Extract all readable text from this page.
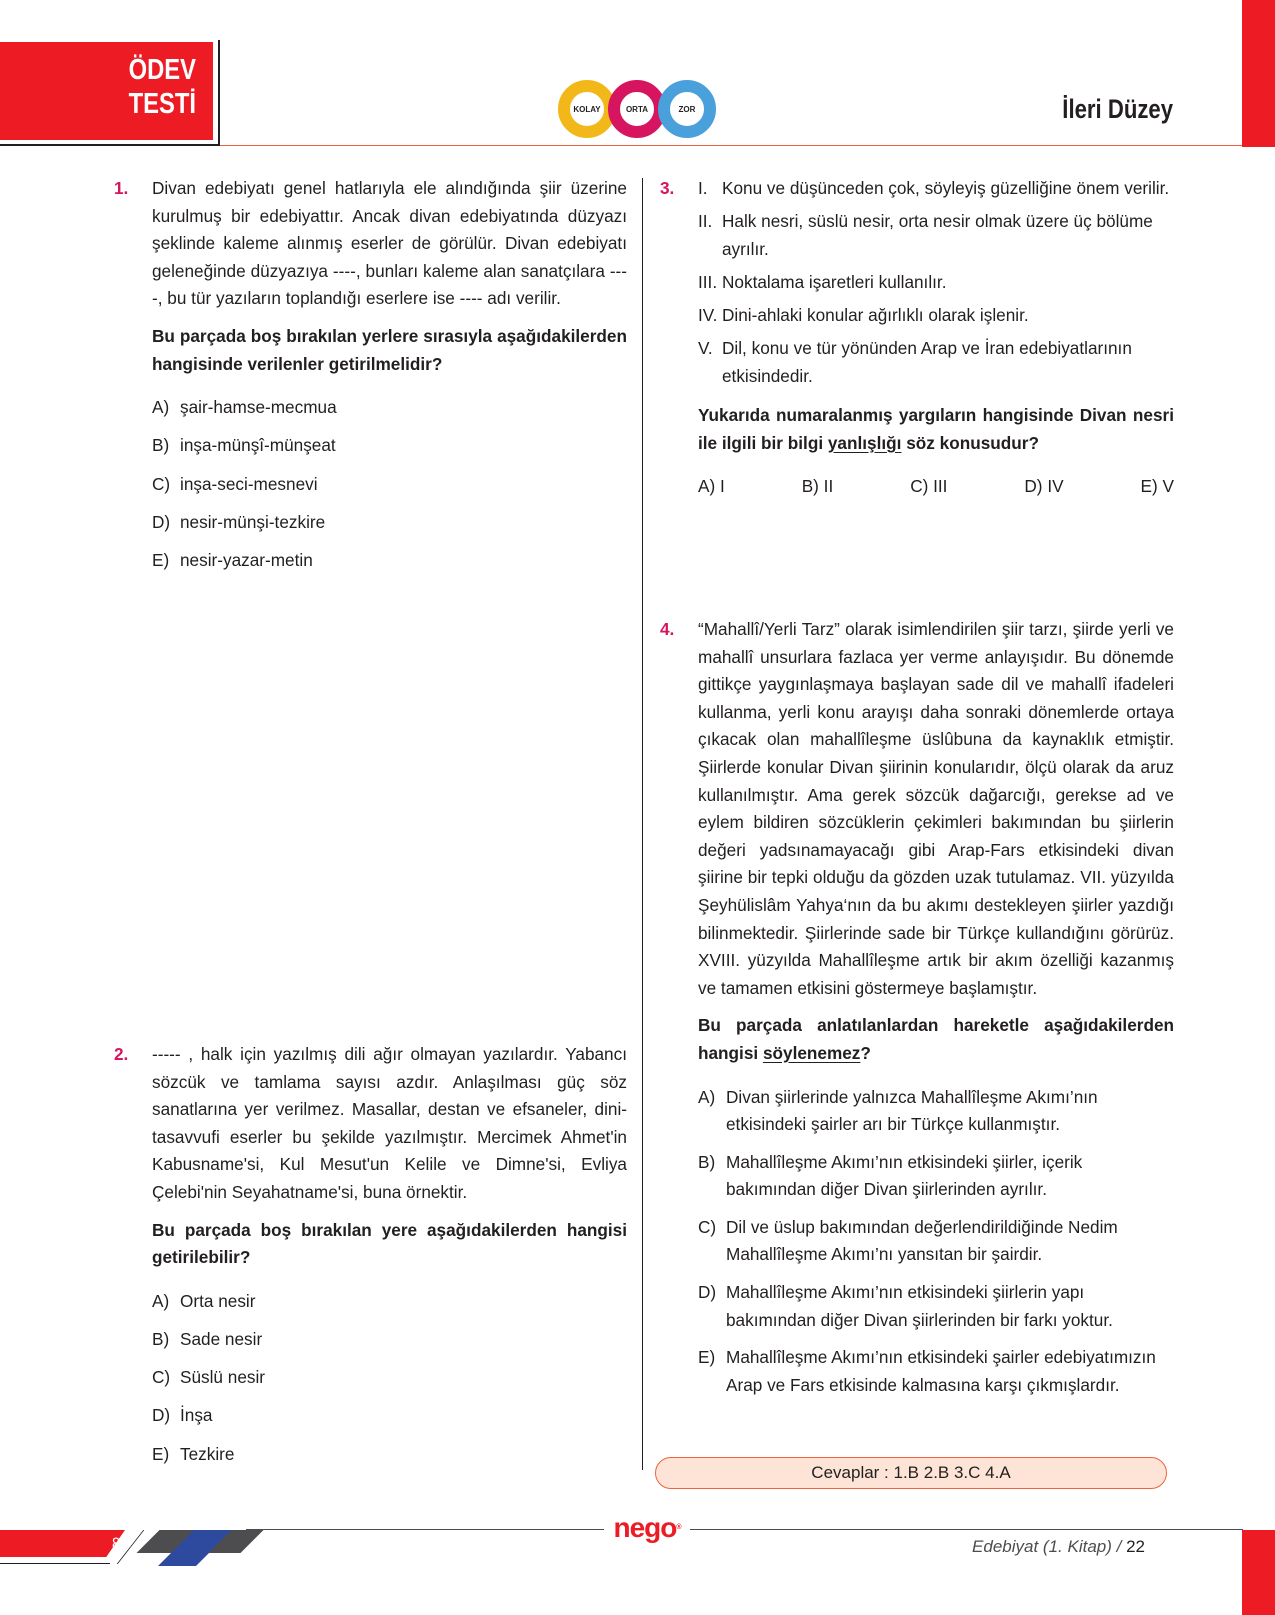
ÖDEV
TESTİ	KOLAY	ORTA	ZOR	İleri Düzey
1. Divan edebiyatı genel hatlarıyla ele alındığında şiir üzerine kurulmuş bir edebiyattır. Ancak divan edebiyatında düzyazı şeklinde kaleme alınmış eserler de görülür. Divan edebiyatı geleneğinde düzyazıya ----, bunları kaleme alan sanatçılara ----, bu tür yazıların toplandığı eserlere ise ---- adı verilir.

Bu parçada boş bırakılan yerlere sırasıyla aşağıdakilerden hangisinde verilenler getirilmelidir?

A) şair-hamse-mecmua
B) inşa-münşî-münşeat
C) inşa-seci-mesnevi
D) nesir-münşi-tezkire
E) nesir-yazar-metin
2. ----- , halk için yazılmış dili ağır olmayan yazılardır. Yabancı sözcük ve tamlama sayısı azdır. Anlaşılması güç söz sanatlarına yer verilmez. Masallar, destan ve efsaneler, dini-tasavvufi eserler bu şekilde yazılmıştır. Mercimek Ahmet'in Kabusname'si, Kul Mesut'un Kelile ve Dimne'si, Evliya Çelebi'nin Seyahatname'si, buna örnektir.

Bu parçada boş bırakılan yere aşağıdakilerden hangisi getirilebilir?

A) Orta nesir
B) Sade nesir
C) Süslü nesir
D) İnşa
E) Tezkire
3. I. Konu ve düşünceden çok, söyleyiş güzelliğine önem verilir.
II. Halk nesri, süslü nesir, orta nesir olmak üzere üç bölüme ayrılır.
III. Noktalama işaretleri kullanılır.
IV. Dini-ahlaki konular ağırlıklı olarak işlenir.
V. Dil, konu ve tür yönünden Arap ve İran edebiyatlarının etkisindedir.

Yukarıda numaralanmış yargıların hangisinde Divan nesri ile ilgili bir bilgi yanlışlığı söz konusudur?

A) I	B) II	C) III	D) IV	E) V
4. “Mahallî/Yerli Tarz” olarak isimlendirilen şiir tarzı, şiirde yerli ve mahallî unsurlara fazlaca yer verme anlayışıdır. Bu dönemde gittikçe yaygınlaşmaya başlayan sade dil ve mahallî ifadeleri kullanma, yerli konu arayışı daha sonraki dönemlerde ortaya çıkacak olan mahallîleşme üslûbuna da kaynaklık etmiştir. Şiirlerde konular Divan şiirinin konularıdır, ölçü olarak da aruz kullanılmıştır. Ama gerek sözcük dağarcığı, gerekse ad ve eylem bildiren sözcüklerin çekimleri bakımından bu şiirlerin değeri yadsınamayacağı gibi Arap-Fars etkisindeki divan şiirine bir tepki olduğu da gözden uzak tutulamaz. VII. yüzyılda Şeyhülislâm Yahya‘nın da bu akımı destekleyen şiirler yazdığı bilinmektedir. Şiirlerinde sade bir Türkçe kullandığını görürüz. XVIII. yüzyılda Mahallîleşme artık bir akım özelliği kazanmış ve tamamen etkisini göstermeye başlamıştır.

Bu parçada anlatılanlardan hareketle aşağıdakilerden hangisi söylenemez?

A) Divan şiirlerinde yalnızca Mahallîleşme Akımı’nın etkisindeki şairler arı bir Türkçe kullanmıştır.
B) Mahallîleşme Akımı’nın etkisindeki şiirler, içerik bakımından diğer Divan şiirlerinden ayrılır.
C) Dil ve üslup bakımından değerlendirildiğinde Nedim Mahallîleşme Akımı’nı yansıtan bir şairdir.
D) Mahallîleşme Akımı’nın etkisindeki şiirlerin yapı bakımından diğer Divan şiirlerinden bir farkı yoktur.
E) Mahallîleşme Akımı’nın etkisindeki şairler edebiyatımızın Arap ve Fars etkisinde kalmasına karşı çıkmışlardır.
Cevaplar : 1.B 2.B 3.C 4.A
8
nego®
Edebiyat (1. Kitap) / 22
